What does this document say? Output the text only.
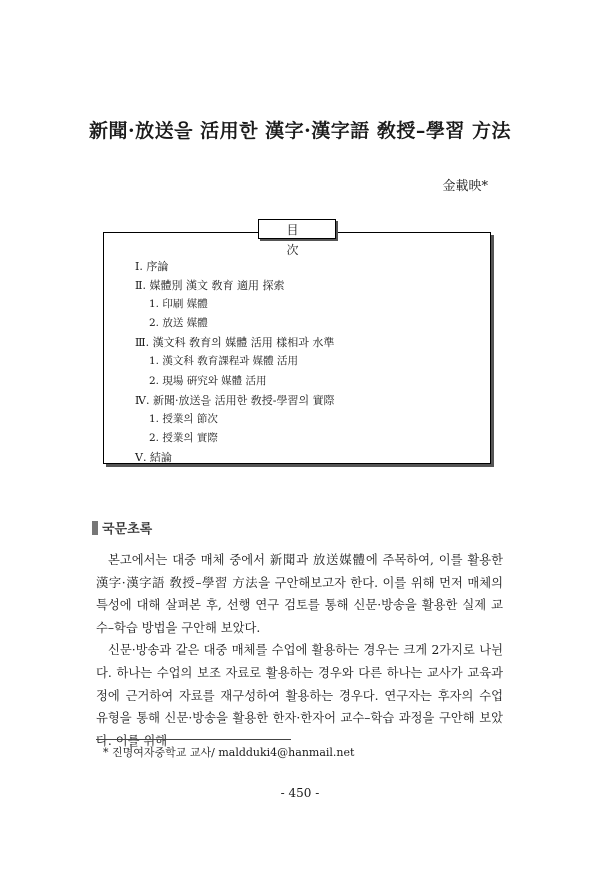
新聞·放送을 活用한 漢字·漢字語 敎授–學習 方法
金載映*
目 次
Ⅰ. 序論
Ⅱ. 媒體別 漢文 敎育 適用 探索
1. 印刷 媒體
2. 放送 媒體
Ⅲ. 漢文科 敎育의 媒體 活用 樣相과 水準
1. 漢文科 敎育課程과 媒體 活用
2. 現場 硏究와 媒體 活用
Ⅳ. 新聞·放送을 活用한 敎授-學習의 實際
1. 授業의 節次
2. 授業의 實際
Ⅴ. 結論
국문초록

본고에서는 대중 매체 중에서 新聞과 放送媒體에 주목하여, 이를 활용한 漢字·漢字語 敎授–學習 方法을 구안해보고자 한다. 이를 위해 먼저 매체의 특성에 대해 살펴본 후, 선행 연구 검토를 통해 신문·방송을 활용한 실제 교수–학습 방법을 구안해 보았다.

신문·방송과 같은 대중 매체를 수업에 활용하는 경우는 크게 2가지로 나뉜다. 하나는 수업의 보조 자료로 활용하는 경우와 다른 하나는 교사가 교육과정에 근거하여 자료를 재구성하여 활용하는 경우다. 연구자는 후자의 수업 유형을 통해 신문·방송을 활용한 한자·한자어 교수–학습 과정을 구안해 보았다. 이를 위해

* 진명여자중학교 교사/ maldduki4@hanmail.net
- 450 -
